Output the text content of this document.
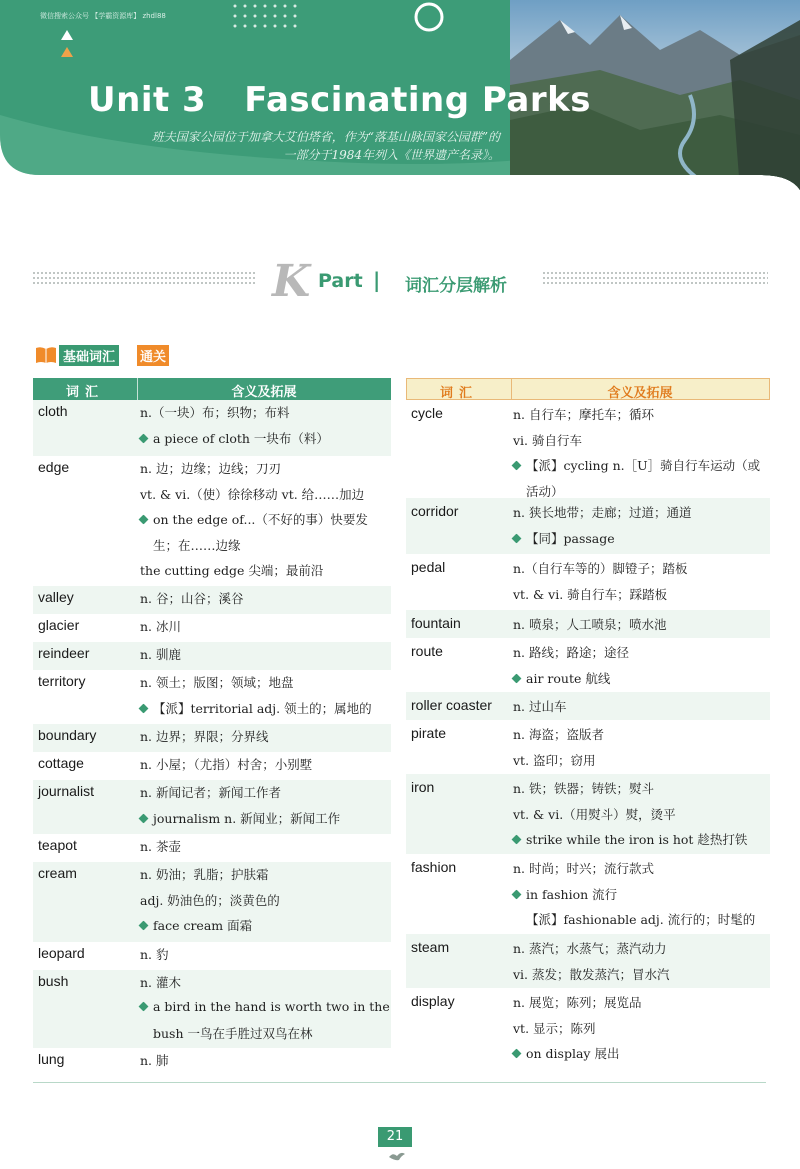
微信搜索公众号 【学霸资源库】 zhdl88
Unit 3 Fascinating Parks
班夫国家公园位于加拿大艾伯塔省，作为“落基山脉国家公园群”的
一部分于1984年列入《世界遗产名录》。
K Part | 词汇分层解析
基础词汇	通关
词汇	含义及拓展
cloth	n.（一块）布；织物；布料
a piece of cloth 一块布（料）
edge	n. 边；边缘；边线；刀刃
vt. & vi.（使）徐徐移动 vt. 给……加边
on the edge of...（不好的事）快要发
生；在……边缘
the cutting edge 尖端；最前沿
valley	n. 谷；山谷；溪谷
glacier	n. 冰川
reindeer	n. 驯鹿
territory	n. 领土；版图；领域；地盘
【派】territorial adj. 领土的；属地的
boundary	n. 边界；界限；分界线
cottage	n. 小屋；（尤指）村舍；小别墅
journalist	n. 新闻记者；新闻工作者
journalism n. 新闻业；新闻工作
teapot	n. 茶壶
cream	n. 奶油；乳脂；护肤霜
adj. 奶油色的；淡黄色的
face cream 面霜
leopard	n. 豹
bush	n. 灌木
a bird in the hand is worth two in the
bush 一鸟在手胜过双鸟在林
lung	n. 肺
词汇	含义及拓展
cycle	n. 自行车；摩托车；循环
vi. 骑自行车
【派】cycling n.［U］骑自行车运动（或
活动）
corridor	n. 狭长地带；走廊；过道；通道
【同】passage
pedal	n.（自行车等的）脚镫子；踏板
vt. & vi. 骑自行车；踩踏板
fountain	n. 喷泉；人工喷泉；喷水池
route	n. 路线；路途；途径
air route 航线
roller coaster n. 过山车
pirate	n. 海盗；盗版者
vt. 盗印；窃用
iron	n. 铁；铁器；铸铁；熨斗
vt. & vi.（用熨斗）熨，烫平
strike while the iron is hot 趁热打铁
fashion	n. 时尚；时兴；流行款式
in fashion 流行
【派】fashionable adj. 流行的；时髦的
steam	n. 蒸汽；水蒸气；蒸汽动力
vi. 蒸发；散发蒸汽；冒水汽
display	n. 展览；陈列；展览品
vt. 显示；陈列
on display 展出
21
